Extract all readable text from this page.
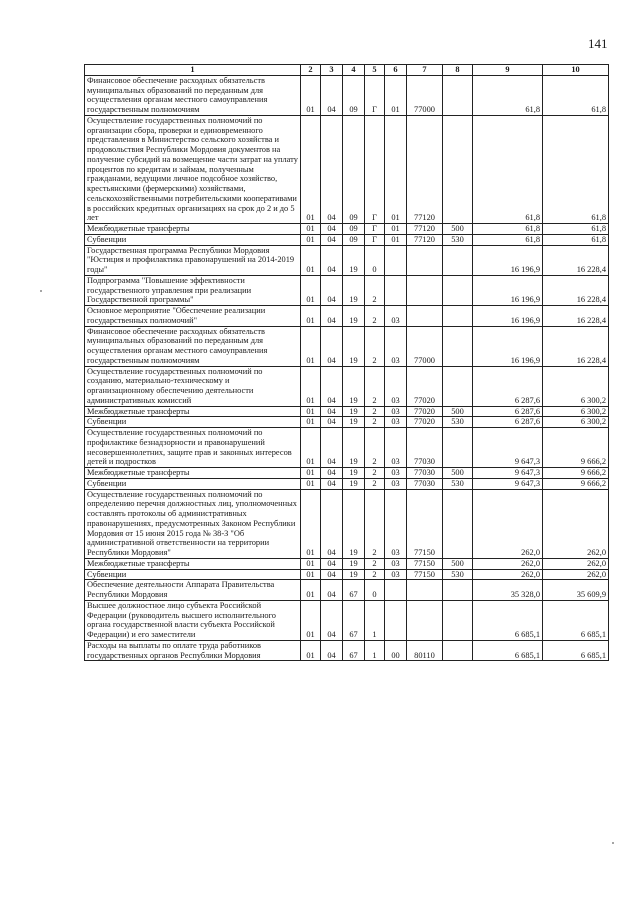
141
1	2	3	4	5	6	7	8	9	10
Финансовое обеспечение расходных обязательств муниципальных образований по переданным для осуществления органам местного самоуправления государственным полномочиям	01	04	09	Г	01	77000		61,8	61,8
Осуществление государственных полномочий по организации сбора, проверки и единовременного представления в Министерство сельского хозяйства и продовольствия Республики Мордовия документов на получение субсидий на возмещение части затрат на уплату процентов по кредитам и займам, полученным гражданами, ведущими личное подсобное хозяйство, крестьянскими (фермерскими) хозяйствами, сельскохозяйственными потребительскими кооперативами в российских кредитных организациях на срок до 2 и до 5 лет	01	04	09	Г	01	77120		61,8	61,8
Межбюджетные трансферты	01	04	09	Г	01	77120	500	61,8	61,8
Субвенции	01	04	09	Г	01	77120	530	61,8	61,8
Государственная программа Республики Мордовия "Юстиция и профилактика правонарушений на 2014-2019 годы"	01	04	19	0				16 196,9	16 228,4
Подпрограмма "Повышение эффективности государственного управления при реализации Государственной программы"	01	04	19	2				16 196,9	16 228,4
Основное мероприятие "Обеспечение реализации государственных полномочий"	01	04	19	2	03			16 196,9	16 228,4
Финансовое обеспечение расходных обязательств муниципальных образований по переданным для осуществления органам местного самоуправления государственным полномочиям	01	04	19	2	03	77000		16 196,9	16 228,4
Осуществление государственных полномочий по созданию, материально-техническому и организационному обеспечению деятельности административных комиссий	01	04	19	2	03	77020		6 287,6	6 300,2
Межбюджетные трансферты	01	04	19	2	03	77020	500	6 287,6	6 300,2
Субвенции	01	04	19	2	03	77020	530	6 287,6	6 300,2
Осуществление государственных полномочий по профилактике безнадзорности и правонарушений несовершеннолетних, защите прав и законных интересов детей и подростков	01	04	19	2	03	77030		9 647,3	9 666,2
Межбюджетные трансферты	01	04	19	2	03	77030	500	9 647,3	9 666,2
Субвенции	01	04	19	2	03	77030	530	9 647,3	9 666,2
Осуществление государственных полномочий по определению перечня должностных лиц, уполномоченных составлять протоколы об административных правонарушениях, предусмотренных Законом Республики Мордовия от 15 июня 2015 года № 38-З "Об административной ответственности на территории Республики Мордовия"	01	04	19	2	03	77150		262,0	262,0
Межбюджетные трансферты	01	04	19	2	03	77150	500	262,0	262,0
Субвенции	01	04	19	2	03	77150	530	262,0	262,0
Обеспечение деятельности Аппарата Правительства Республики Мордовия	01	04	67	0				35 328,0	35 609,9
Высшее должностное лицо субъекта Российской Федерации (руководитель высшего исполнительного органа государственной власти субъекта Российской Федерации) и его заместители	01	04	67	1				6 685,1	6 685,1
Расходы на выплаты по оплате труда работников государственных органов Республики Мордовия	01	04	67	1	00	80110		6 685,1	6 685,1
